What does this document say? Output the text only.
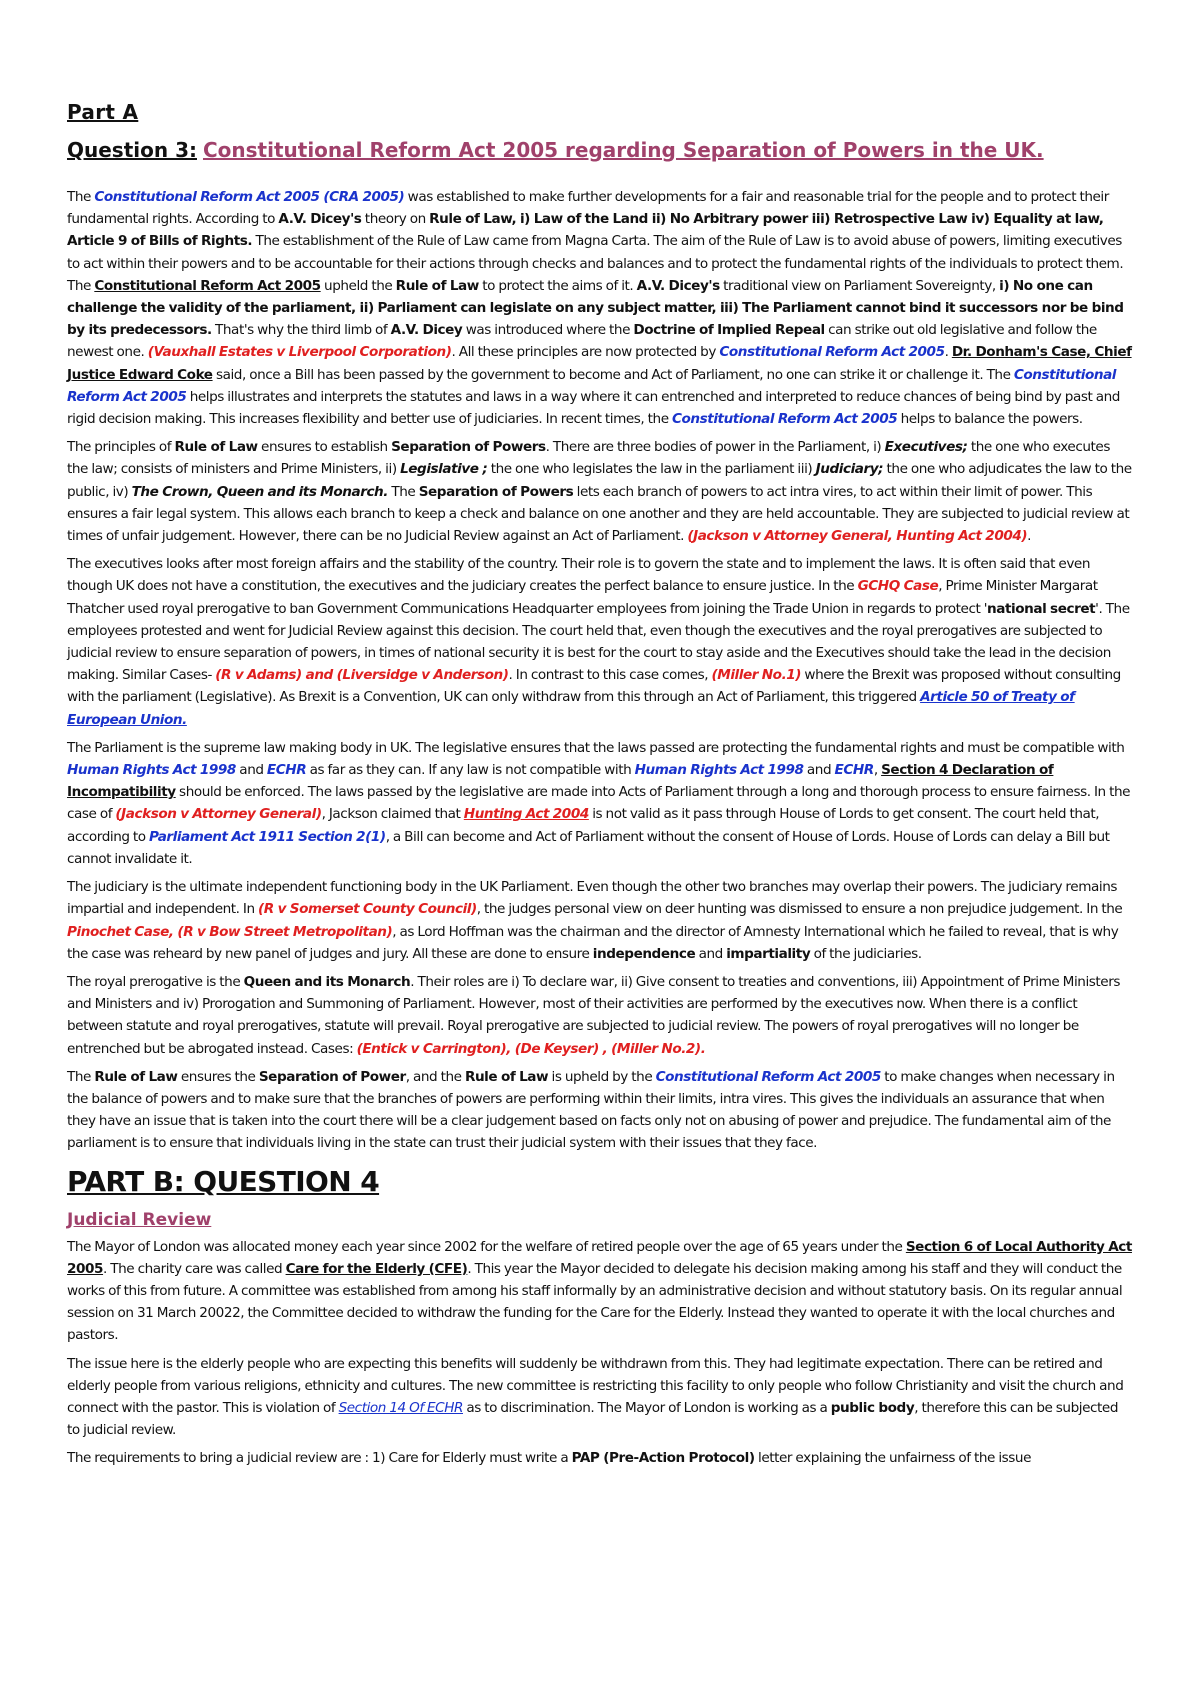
Part A
Question 3: Constitutional Reform Act 2005 regarding Separation of Powers in the UK.

The Constitutional Reform Act 2005 (CRA 2005) was established to make further developments for a fair and reasonable trial for the people and to protect their fundamental rights. According to A.V. Dicey's theory on Rule of Law, i) Law of the Land ii) No Arbitrary power iii) Retrospective Law iv) Equality at law, Article 9 of Bills of Rights. The establishment of the Rule of Law came from Magna Carta. The aim of the Rule of Law is to avoid abuse of powers, limiting executives to act within their powers and to be accountable for their actions through checks and balances and to protect the fundamental rights of the individuals to protect them. The Constitutional Reform Act 2005 upheld the Rule of Law to protect the aims of it. A.V. Dicey's traditional view on Parliament Sovereignty, i) No one can challenge the validity of the parliament, ii) Parliament can legislate on any subject matter, iii) The Parliament cannot bind it successors nor be bind by its predecessors. That's why the third limb of A.V. Dicey was introduced where the Doctrine of Implied Repeal can strike out old legislative and follow the newest one. (Vauxhall Estates v Liverpool Corporation). All these principles are now protected by Constitutional Reform Act 2005. Dr. Donham's Case, Chief Justice Edward Coke said, once a Bill has been passed by the government to become and Act of Parliament, no one can strike it or challenge it. The Constitutional Reform Act 2005 helps illustrates and interprets the statutes and laws in a way where it can entrenched and interpreted to reduce chances of being bind by past and rigid decision making. This increases flexibility and better use of judiciaries. In recent times, the Constitutional Reform Act 2005 helps to balance the powers.

The principles of Rule of Law ensures to establish Separation of Powers. There are three bodies of power in the Parliament, i) Executives; the one who executes the law; consists of ministers and Prime Ministers, ii) Legislative ; the one who legislates the law in the parliament iii) Judiciary; the one who adjudicates the law to the public, iv) The Crown, Queen and its Monarch. The Separation of Powers lets each branch of powers to act intra vires, to act within their limit of power. This ensures a fair legal system. This allows each branch to keep a check and balance on one another and they are held accountable. They are subjected to judicial review at times of unfair judgement. However, there can be no Judicial Review against an Act of Parliament. (Jackson v Attorney General, Hunting Act 2004).

The executives looks after most foreign affairs and the stability of the country. Their role is to govern the state and to implement the laws. It is often said that even though UK does not have a constitution, the executives and the judiciary creates the perfect balance to ensure justice. In the GCHQ Case, Prime Minister Margarat Thatcher used royal prerogative to ban Government Communications Headquarter employees from joining the Trade Union in regards to protect 'national secret'. The employees protested and went for Judicial Review against this decision. The court held that, even though the executives and the royal prerogatives are subjected to judicial review to ensure separation of powers, in times of national security it is best for the court to stay aside and the Executives should take the lead in the decision making. Similar Cases- (R v Adams) and (Liversidge v Anderson). In contrast to this case comes, (Miller No.1) where the Brexit was proposed without consulting with the parliament (Legislative). As Brexit is a Convention, UK can only withdraw from this through an Act of Parliament, this triggered Article 50 of Treaty of European Union.

The Parliament is the supreme law making body in UK. The legislative ensures that the laws passed are protecting the fundamental rights and must be compatible with Human Rights Act 1998 and ECHR as far as they can. If any law is not compatible with Human Rights Act 1998 and ECHR, Section 4 Declaration of Incompatibility should be enforced. The laws passed by the legislative are made into Acts of Parliament through a long and thorough process to ensure fairness. In the case of (Jackson v Attorney General), Jackson claimed that Hunting Act 2004 is not valid as it pass through House of Lords to get consent. The court held that, according to Parliament Act 1911 Section 2(1), a Bill can become and Act of Parliament without the consent of House of Lords. House of Lords can delay a Bill but cannot invalidate it.

The judiciary is the ultimate independent functioning body in the UK Parliament. Even though the other two branches may overlap their powers. The judiciary remains impartial and independent. In (R v Somerset County Council), the judges personal view on deer hunting was dismissed to ensure a non prejudice judgement. In the Pinochet Case, (R v Bow Street Metropolitan), as Lord Hoffman was the chairman and the director of Amnesty International which he failed to reveal, that is why the case was reheard by new panel of judges and jury. All these are done to ensure independence and impartiality of the judiciaries.

The royal prerogative is the Queen and its Monarch. Their roles are i) To declare war, ii) Give consent to treaties and conventions, iii) Appointment of Prime Ministers and Ministers and iv) Prorogation and Summoning of Parliament. However, most of their activities are performed by the executives now. When there is a conflict between statute and royal prerogatives, statute will prevail. Royal prerogative are subjected to judicial review. The powers of royal prerogatives will no longer be entrenched but be abrogated instead. Cases: (Entick v Carrington), (De Keyser) , (Miller No.2).

The Rule of Law ensures the Separation of Power, and the Rule of Law is upheld by the Constitutional Reform Act 2005 to make changes when necessary in the balance of powers and to make sure that the branches of powers are performing within their limits, intra vires. This gives the individuals an assurance that when they have an issue that is taken into the court there will be a clear judgement based on facts only not on abusing of power and prejudice. The fundamental aim of the parliament is to ensure that individuals living in the state can trust their judicial system with their issues that they face.

PART B: QUESTION 4
Judicial Review

The Mayor of London was allocated money each year since 2002 for the welfare of retired people over the age of 65 years under the Section 6 of Local Authority Act 2005. The charity care was called Care for the Elderly (CFE). This year the Mayor decided to delegate his decision making among his staff and they will conduct the works of this from future. A committee was established from among his staff informally by an administrative decision and without statutory basis. On its regular annual session on 31 March 20022, the Committee decided to withdraw the funding for the Care for the Elderly. Instead they wanted to operate it with the local churches and pastors.

The issue here is the elderly people who are expecting this benefits will suddenly be withdrawn from this. They had legitimate expectation. There can be retired and elderly people from various religions, ethnicity and cultures. The new committee is restricting this facility to only people who follow Christianity and visit the church and connect with the pastor. This is violation of Section 14 Of ECHR as to discrimination. The Mayor of London is working as a public body, therefore this can be subjected to judicial review.

The requirements to bring a judicial review are : 1) Care for Elderly must write a PAP (Pre-Action Protocol) letter explaining the unfairness of the issue
